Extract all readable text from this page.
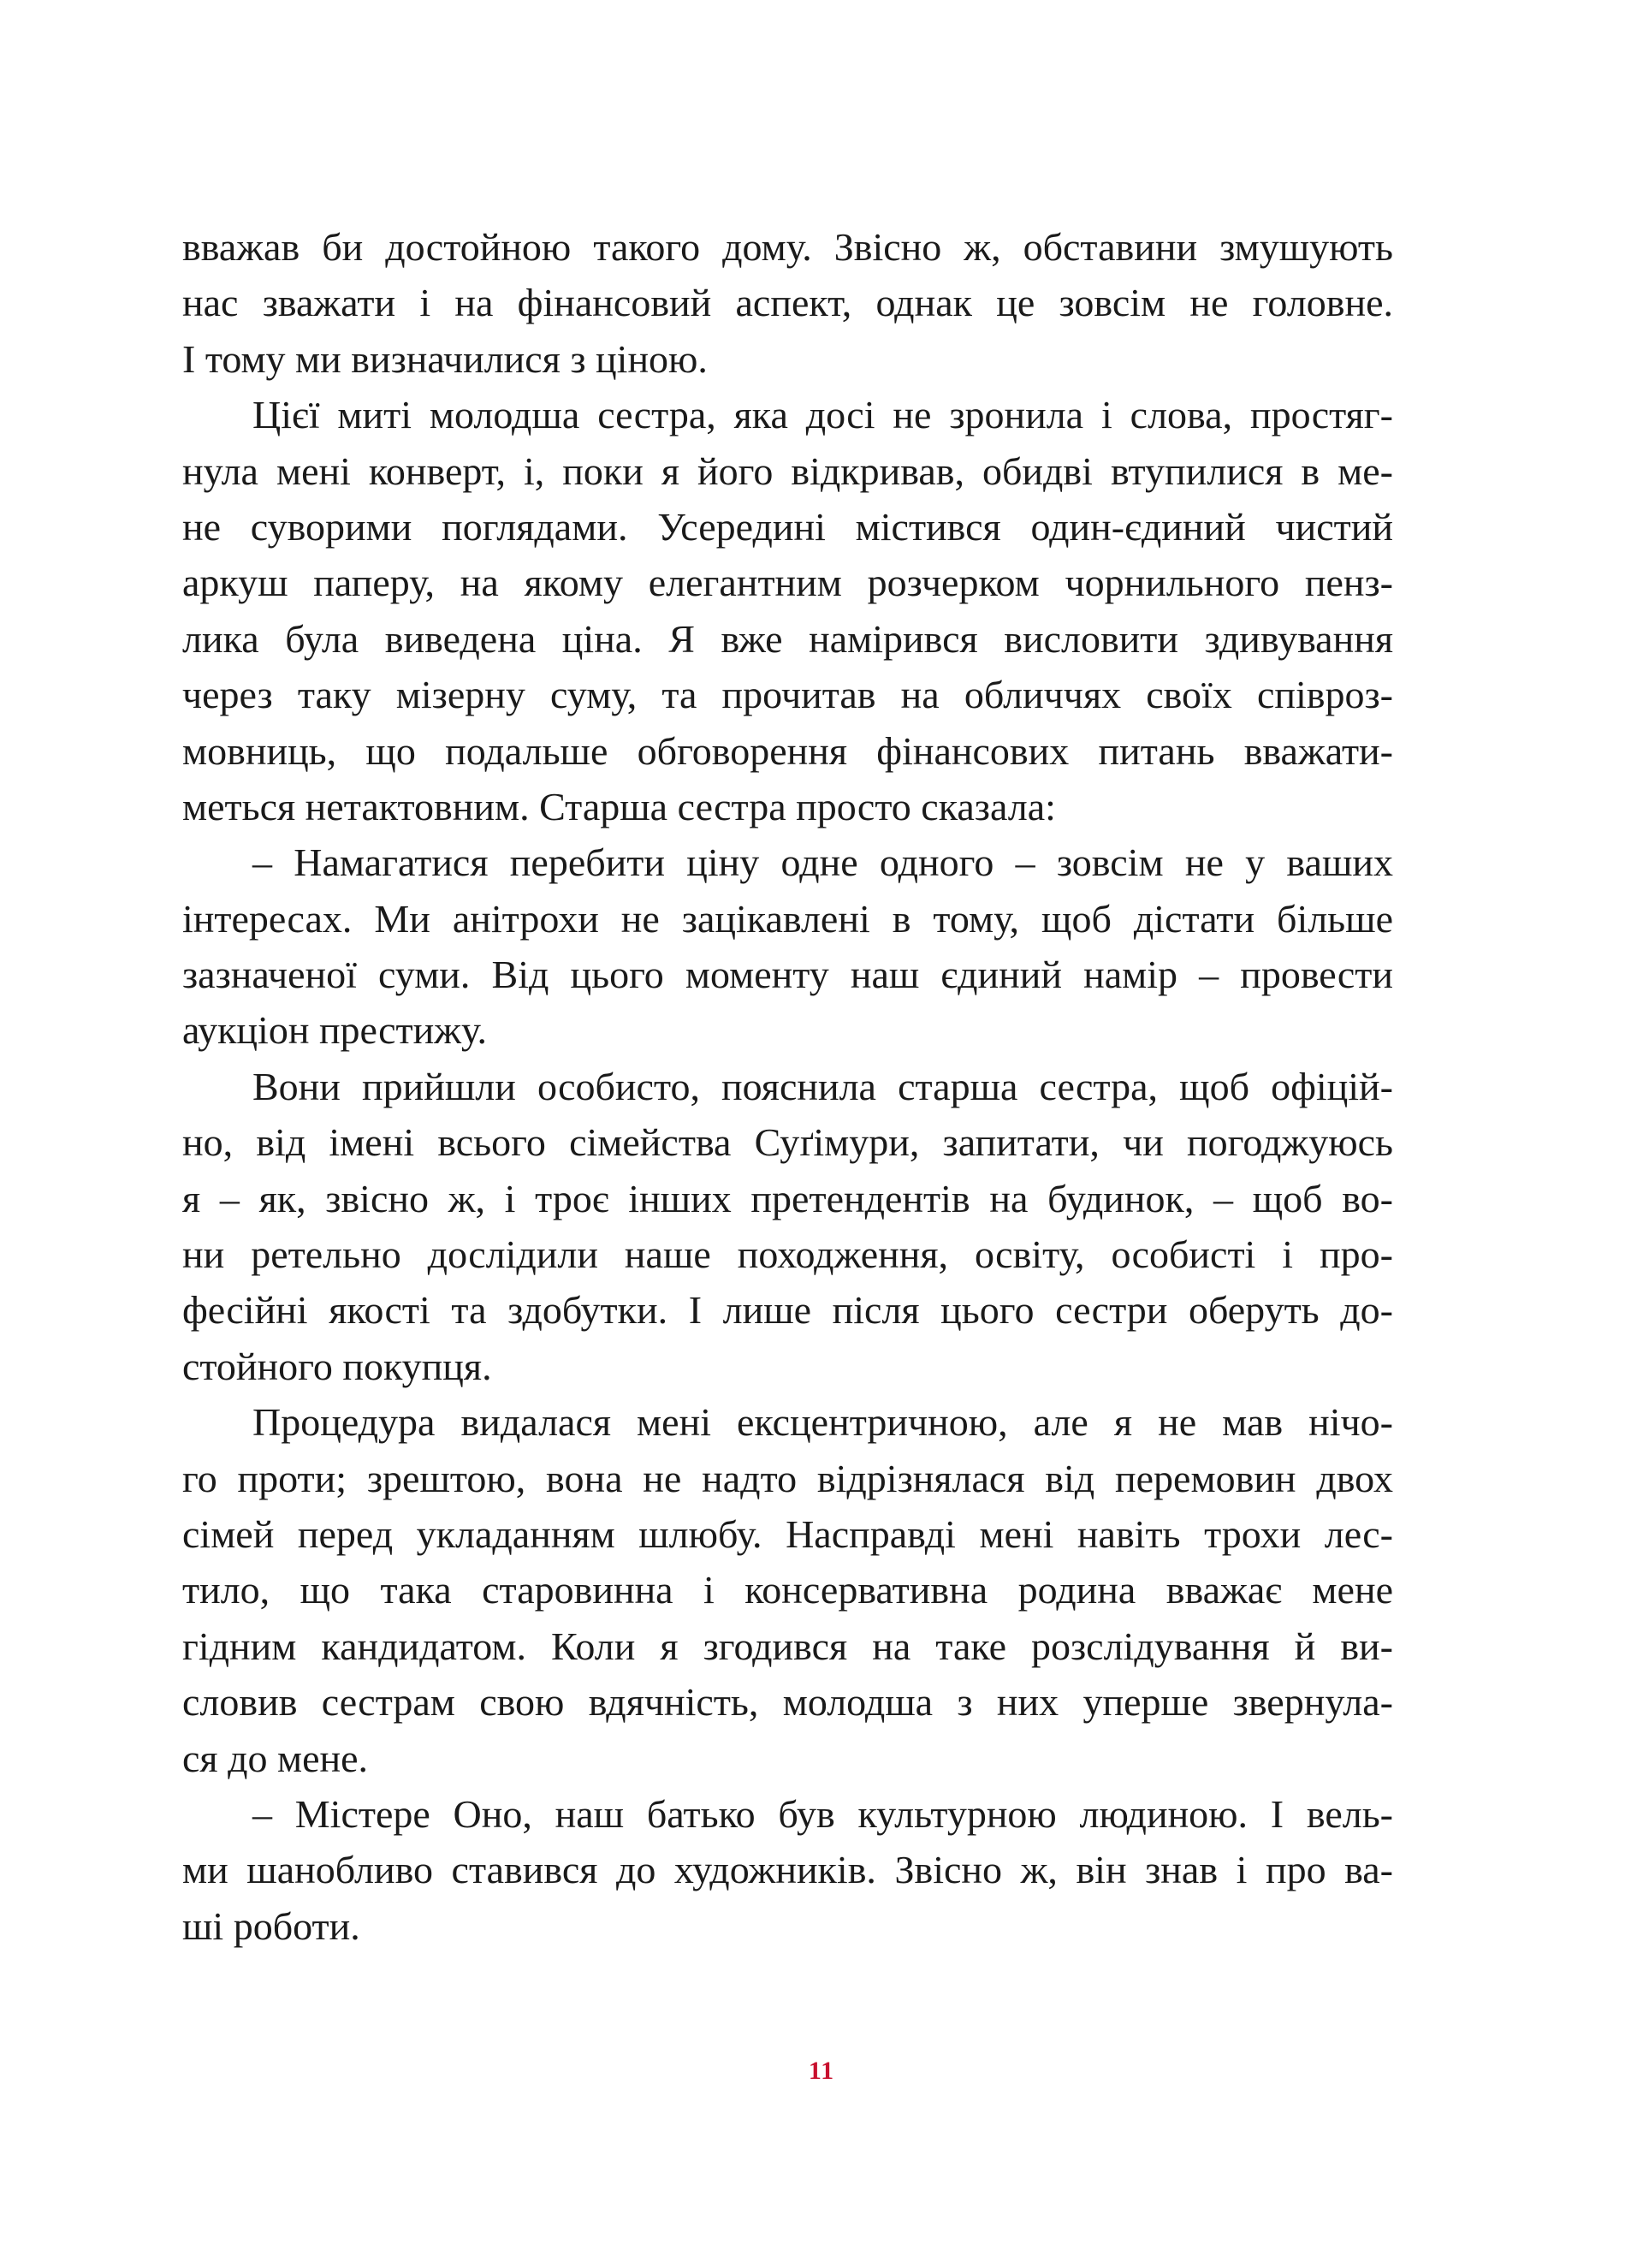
вважав би достойною такого дому. Звісно ж, обставини змушують
нас зважати і на фінансовий аспект, однак це зовсім не головне.
І тому ми визначилися з ціною.
Цієї миті молодша сестра, яка досі не зронила і слова, простяг-
нула мені конверт, і, поки я його відкривав, обидві втупилися в ме-
не суворими поглядами. Усередині містився один-єдиний чистий
аркуш паперу, на якому елегантним розчерком чорнильного пенз-
лика була виведена ціна. Я вже намірився висловити здивування
через таку мізерну суму, та прочитав на обличчях своїх співроз-
мовниць, що подальше обговорення фінансових питань вважати-
меться нетактовним. Старша сестра просто сказала:
– Намагатися перебити ціну одне одного – зовсім не у ваших
інтересах. Ми анітрохи не зацікавлені в тому, щоб дістати більше
зазначеної суми. Від цього моменту наш єдиний намір – провести
аукціон престижу.
Вони прийшли особисто, пояснила старша сестра, щоб офіцій-
но, від імені всього сімейства Суґімури, запитати, чи погоджуюсь
я – як, звісно ж, і троє інших претендентів на будинок, – щоб во-
ни ретельно дослідили наше походження, освіту, особисті і про-
фесійні якості та здобутки. І лише після цього сестри оберуть до-
стойного покупця.
Процедура видалася мені ексцентричною, але я не мав нічо-
го проти; зрештою, вона не надто відрізнялася від перемовин двох
сімей перед укладанням шлюбу. Насправді мені навіть трохи лес-
тило, що така старовинна і консервативна родина вважає мене
гідним кандидатом. Коли я згодився на таке розслідування й ви-
словив сестрам свою вдячність, молодша з них уперше звернула-
ся до мене.
– Містере Оно, наш батько був культурною людиною. І вель-
ми шанобливо ставився до художників. Звісно ж, він знав і про ва-
ші роботи.
11
